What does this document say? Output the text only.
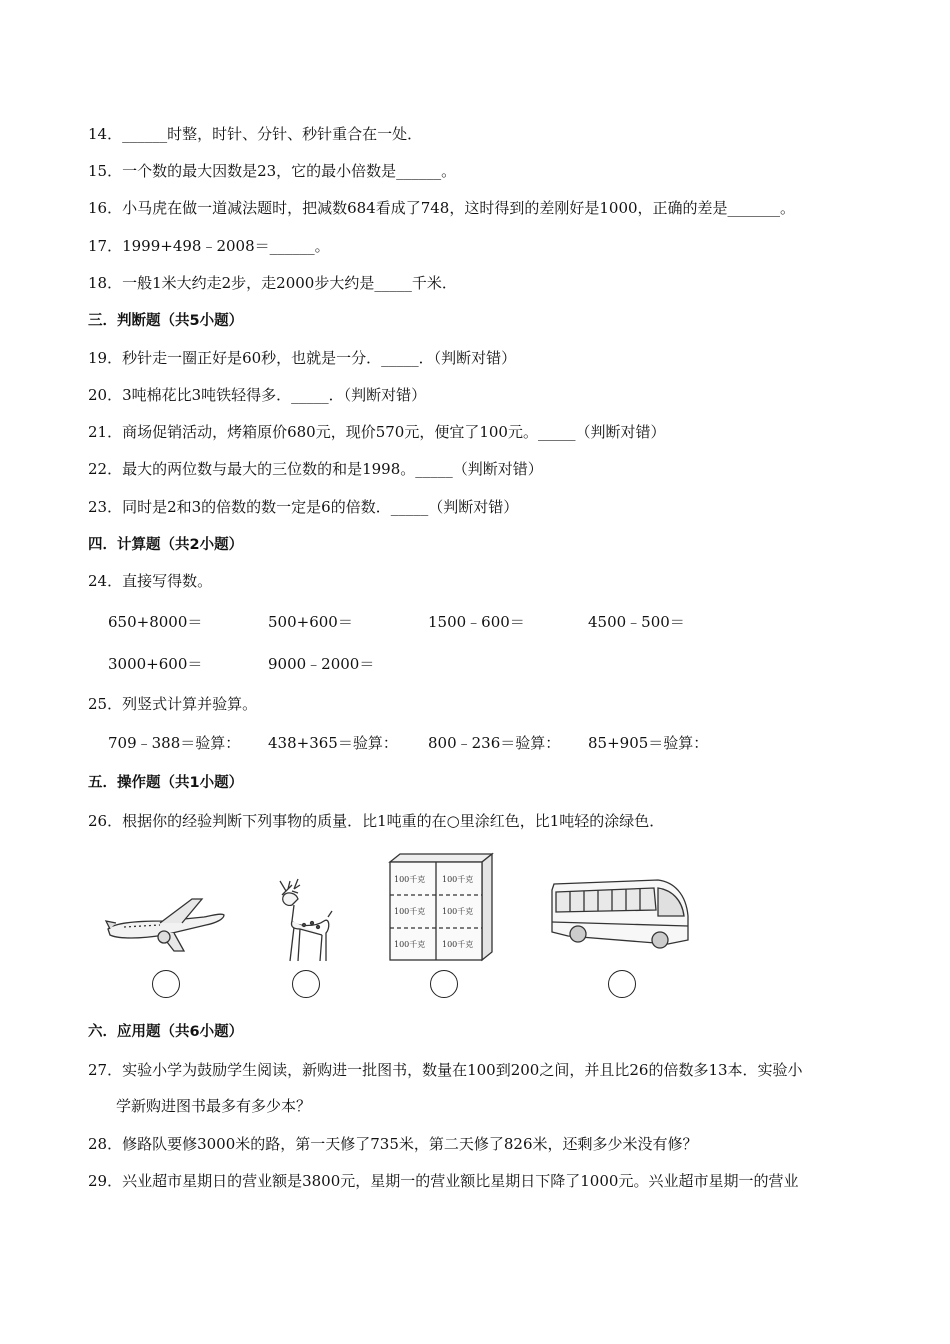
14．______时整，时针、分针、秒针重合在一处．
15．一个数的最大因数是23，它的最小倍数是______。
16．小马虎在做一道减法题时，把减数684看成了748，这时得到的差刚好是1000，正确的差是_______。
17．1999+498﹣2008＝______。
18．一般1米大约走2步，走2000步大约是_____千米．
三．判断题（共5小题）
19．秒针走一圈正好是60秒，也就是一分．_____．（判断对错）
20．3吨棉花比3吨铁轻得多．_____．（判断对错）
21．商场促销活动，烤箱原价680元，现价570元，便宜了100元。_____（判断对错）
22．最大的两位数与最大的三位数的和是1998。_____（判断对错）
23．同时是2和3的倍数的数一定是6的倍数．_____（判断对错）
四．计算题（共2小题）
24．直接写得数。
650+8000＝	500+600＝	1500﹣600＝	4500﹣500＝
3000+600＝	9000﹣2000＝
25．列竖式计算并验算。
709﹣388＝验算： 438+365＝验算： 800﹣236＝验算： 85+905＝验算：
五．操作题（共1小题）
26．根据你的经验判断下列事物的质量．比1吨重的在○里涂红色，比1吨轻的涂绿色．
100千克 100千克
100千克 100千克
100千克 100千克
六．应用题（共6小题）
27．实验小学为鼓励学生阅读，新购进一批图书，数量在100到200之间，并且比26的倍数多13本．实验小
学新购进图书最多有多少本？
28．修路队要修3000米的路，第一天修了735米，第二天修了826米，还剩多少米没有修？
29．兴业超市星期日的营业额是3800元，星期一的营业额比星期日下降了1000元。兴业超市星期一的营业
